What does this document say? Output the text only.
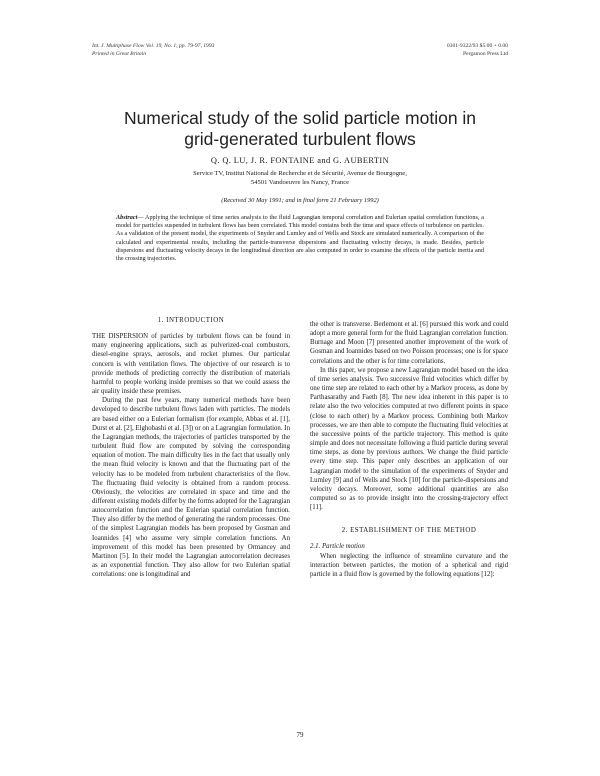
Int. J. Multiphase Flow Vol. 19, No. 1, pp. 79-97, 1993
Printed in Great Britain
0301-9322/93 $5.00 + 0.00
Pergamon Press Ltd
Numerical study of the solid particle motion in
grid-generated turbulent flows
Q. Q. LU, J. R. FONTAINE and G. AUBERTIN
Service TV, Institut National de Recherche et de Sécurité, Avenue de Bourgogne,
54501 Vandoeuvre les Nancy, France
(Received 30 May 1991; and in final form 21 February 1992)
Abstract— Applying the technique of time series analysis to the fluid Lagrangian temporal correlation and Eulerian spatial correlation functions, a model for particles suspended in turbulent flows has been correlated. This model contains both the time and space effects of turbulence on particles. As a validation of the present model, the experiments of Snyder and Lumley and of Wells and Stock are simulated numerically. A comparison of the calculated and experimental results, including the particle-transverse dispersions and fluctuating velocity decays, is made. Besides, particle dispersions and fluctuating velocity decays in the longitudinal direction are also computed in order to examine the effects of the particle inertia and the crossing trajectories.
1. INTRODUCTION

THE DISPERSION of particles by turbulent flows can be found in many engineering applications, such as pulverized-coal combustors, diesel-engine sprays, aerosols, and rocket plumes. Our particular concern is with ventilation flows. The objective of our research is to provide methods of predicting correctly the distribution of materials harmful to people working inside premises so that we could assess the air quality inside these premises.

During the past few years, many numerical methods have been developed to describe turbulent flows laden with particles. The models are based either on a Eulerian formalism (for example, Abbas et al. [1], Durst et al. [2], Elghobashi et al. [3]) or on a Lagrangian formulation. In the Lagrangian methods, the trajectories of particles transported by the turbulent fluid flow are computed by solving the corresponding equation of motion. The main difficulty lies in the fact that usually only the mean fluid velocity is known and that the fluctuating part of the velocity has to be modeled from turbulent characteristics of the flow. The fluctuating fluid velocity is obtained from a random process. Obviously, the velocities are correlated in space and time and the different existing models differ by the forms adopted for the Lagrangian autocorrelation function and the Eulerian spatial correlation function. They also differ by the method of generating the random processes. One of the simplest Lagrangian models has been proposed by Gosman and Ioannides [4] who assume very simple correlation functions. An improvement of this model has been presented by Ormancey and Martinon [5]. In their model the Lagrangian autocorrelation decreases as an exponential function. They also allow for two Eulerian spatial correlations: one is longitudinal and

the other is transverse. Berlemont et al. [6] pursued this work and could adopt a more general form for the fluid Lagrangian correlation function. Burnage and Moon [7] presented another improvement of the work of Gosman and Ioannides based on two Poisson processes; one is for space correlations and the other is for time correlations.

In this paper, we propose a new Lagrangian model based on the idea of time series analysis. Two successive fluid velocities which differ by one time step are related to each other by a Markov process, as done by Parthasarathy and Faeth [8]. The new idea inherent in this paper is to relate also the two velocities computed at two different points in space (close to each other) by a Markov process. Combining both Markov processes, we are then able to compute the fluctuating fluid velocities at the successive points of the particle trajectory. This method is quite simple and does not necessitate following a fluid particle during several time steps, as done by previous authors. We change the fluid particle every time step. This paper only describes an application of our Lagrangian model to the simulation of the experiments of Snyder and Lumley [9] and of Wells and Stock [10] for the particle-dispersions and velocity decays. Moreover, some additional quantities are also computed so as to provide insight into the crossing-trajectory effect [11].

2. ESTABLISHMENT OF THE METHOD

2.1. Particle motion

When neglecting the influence of streamline curvature and the interaction between particles, the motion of a spherical and rigid particle in a fluid flow is governed by the following equations [12]:

79
